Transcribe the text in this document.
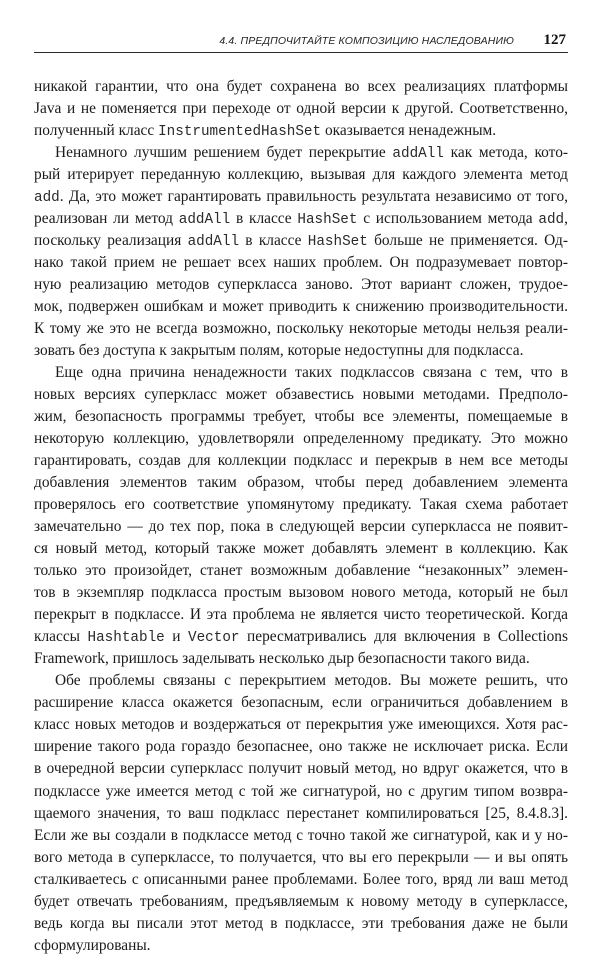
4.4. ПРЕДПОЧИТАЙТЕ КОМПОЗИЦИЮ НАСЛЕДОВАНИЮ 127
никакой гарантии, что она будет сохранена во всех реализациях платформы
Java и не поменяется при переходе от одной версии к другой. Соответственно,
полученный класс InstrumentedHashSet оказывается ненадежным.
Ненамного лучшим решением будет перекрытие addAll как метода, кото-
рый итерирует переданную коллекцию, вызывая для каждого элемента метод
add. Да, это может гарантировать правильность результата независимо от того,
реализован ли метод addAll в классе HashSet с использованием метода add,
поскольку реализация addAll в классе HashSet больше не применяется. Од-
нако такой прием не решает всех наших проблем. Он подразумевает повтор-
ную реализацию методов суперкласса заново. Этот вариант сложен, трудое-
мок, подвержен ошибкам и может приводить к снижению производительности.
К тому же это не всегда возможно, поскольку некоторые методы нельзя реали-
зовать без доступа к закрытым полям, которые недоступны для подкласса.
Еще одна причина ненадежности таких подклассов связана с тем, что в
новых версиях суперкласс может обзавестись новыми методами. Предполо-
жим, безопасность программы требует, чтобы все элементы, помещаемые в
некоторую коллекцию, удовлетворяли определенному предикату. Это можно
гарантировать, создав для коллекции подкласс и перекрыв в нем все методы
добавления элементов таким образом, чтобы перед добавлением элемента
проверялось его соответствие упомянутому предикату. Такая схема работает
замечательно — до тех пор, пока в следующей версии суперкласса не появит-
ся новый метод, который также может добавлять элемент в коллекцию. Как
только это произойдет, станет возможным добавление “незаконных” элемен-
тов в экземпляр подкласса простым вызовом нового метода, который не был
перекрыт в подклассе. И эта проблема не является чисто теоретической. Когда
классы Hashtable и Vector пересматривались для включения в Collections
Framework, пришлось заделывать несколько дыр безопасности такого вида.
Обе проблемы связаны с перекрытием методов. Вы можете решить, что
расширение класса окажется безопасным, если ограничиться добавлением в
класс новых методов и воздержаться от перекрытия уже имеющихся. Хотя рас-
ширение такого рода гораздо безопаснее, оно также не исключает риска. Если
в очередной версии суперкласс получит новый метод, но вдруг окажется, что в
подклассе уже имеется метод с той же сигнатурой, но с другим типом возвра-
щаемого значения, то ваш подкласс перестанет компилироваться [25, 8.4.8.3].
Если же вы создали в подклассе метод с точно такой же сигнатурой, как и у но-
вого метода в суперклассе, то получается, что вы его перекрыли — и вы опять
сталкиваетесь с описанными ранее проблемами. Более того, вряд ли ваш метод
будет отвечать требованиям, предъявляемым к новому методу в суперклассе,
ведь когда вы писали этот метод в подклассе, эти требования даже не были
сформулированы.
